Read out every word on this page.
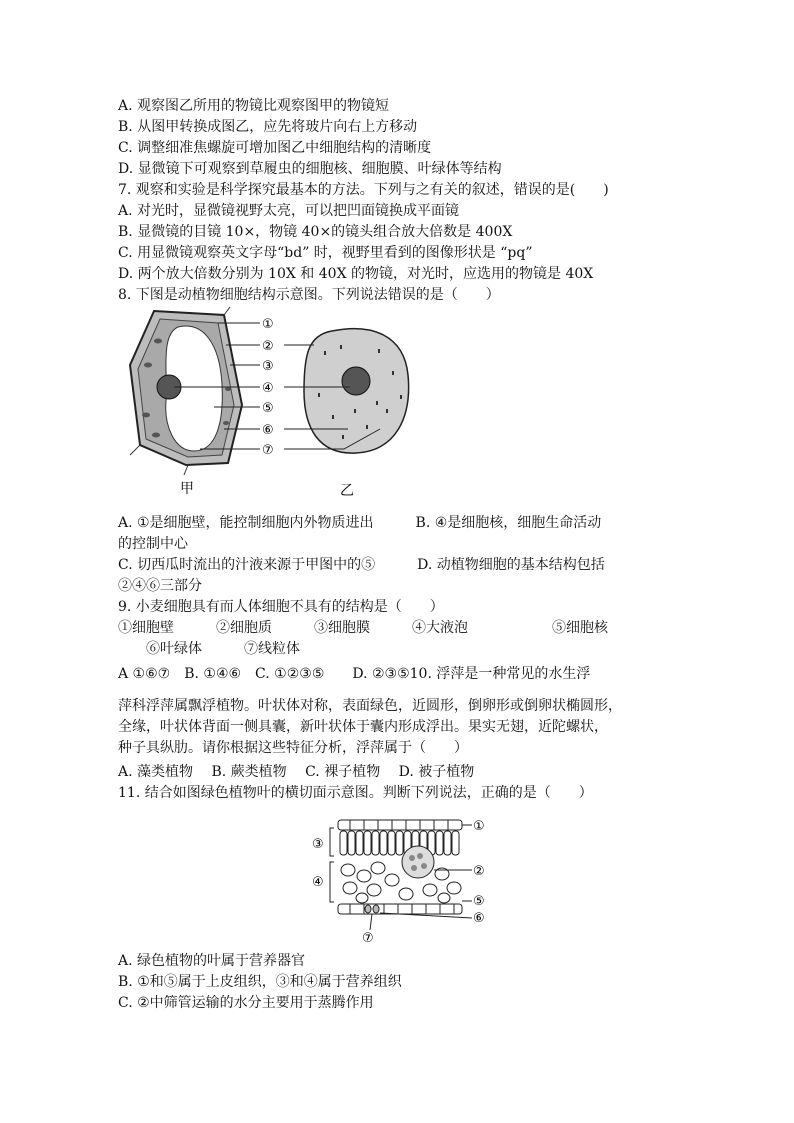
A. 观察图乙所用的物镜比观察图甲的物镜短
B. 从图甲转换成图乙，应先将玻片向右上方移动
C. 调整细准焦螺旋可增加图乙中细胞结构的清晰度
D. 显微镜下可观察到草履虫的细胞核、细胞膜、叶绿体等结构
7. 观察和实验是科学探究最基本的方法。下列与之有关的叙述，错误的是(　　)
A. 对光时，显微镜视野太亮，可以把凹面镜换成平面镜
B. 显微镜的目镜 10×，物镜 40×的镜头组合放大倍数是 400X
C. 用显微镜观察英文字母“bd” 时，视野里看到的图像形状是 “pq”
D. 两个放大倍数分别为 10X 和 40X 的物镜，对光时，应选用的物镜是 40X
8. 下图是动植物细胞结构示意图。下列说法错误的是（　　）
①
②
③
④
⑤
⑥
⑦
甲	乙
A. ①是细胞壁，能控制细胞内外物质进出　　　B. ④是细胞核，细胞生命活动
的控制中心
C. 切西瓜时流出的汁液来源于甲图中的⑤　　　D. 动植物细胞的基本结构包括
②④⑥三部分
9. 小麦细胞具有而人体细胞不具有的结构是（　　）
①细胞壁　　　②细胞质　　　③细胞膜　　　④大液泡　　　　　　⑤细胞核
　　⑥叶绿体　　　⑦线粒体
A ①⑥⑦　B. ①④⑥　C. ①②③⑤　　D. ②③⑤10. 浮萍是一种常见的水生浮
萍科浮萍属飘浮植物。叶状体对称，表面绿色，近圆形，倒卵形或倒卵状椭圆形，
全缘，叶状体背面一侧具囊，新叶状体于囊内形成浮出。果实无翅，近陀螺状，
种子具纵肋。请你根据这些特征分析，浮萍属于（　　）
A. 藻类植物　 B. 蕨类植物　 C. 裸子植物　 D. 被子植物
11. 结合如图绿色植物叶的横切面示意图。判断下列说法，正确的是（　　）
①
②
③
④
⑤
⑥
⑦
A. 绿色植物的叶属于营养器官
B. ①和⑤属于上皮组织，③和④属于营养组织
C. ②中筛管运输的水分主要用于蒸腾作用
